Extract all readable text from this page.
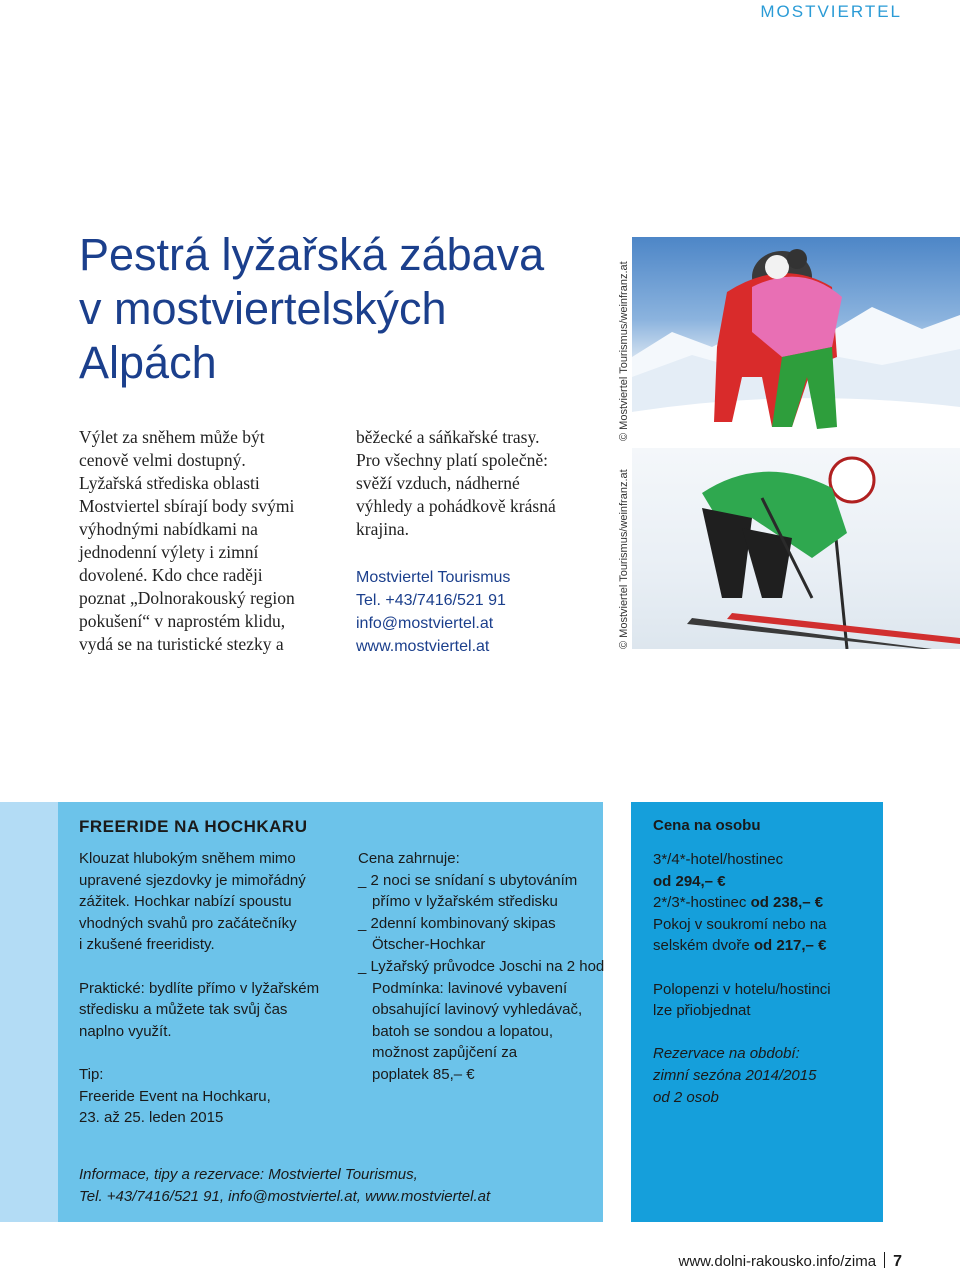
MOSTVIERTEL
Pestrá lyžařská zábava
v mostviertelských
Alpách
Výlet za sněhem může být
cenově velmi dostupný.
Lyžařská střediska oblasti
Mostviertel sbírají body svými
výhodnými nabídkami na
jednodenní výlety i zimní
dovolené. Kdo chce raději
poznat „Dolnorakouský region
pokušení“ v naprostém klidu,
vydá se na turistické stezky a
běžecké a sáňkařské trasy.
Pro všechny platí společně:
svěží vzduch, nádherné
výhledy a pohádkově krásná
krajina.
Mostviertel Tourismus
Tel. +43/7416/521 91
info@mostviertel.at
www.mostviertel.at
© Mostviertel Tourismus/weinfranz.at
© Mostviertel Tourismus/weinfranz.at
FREERIDE NA HOCHKARU
Klouzat hlubokým sněhem mimo
upravené sjezdovky je mimořádný
zážitek. Hochkar nabízí spoustu
vhodných svahů pro začátečníky
i zkušené freeridisty.
Praktické: bydlíte přímo v lyžařském
středisku a můžete tak svůj čas
naplno využít.
Tip:
Freeride Event na Hochkaru,
23. až 25. leden 2015
Cena zahrnuje:
_ 2 noci se snídaní s ubytováním
přímo v lyžařském středisku
_ 2denní kombinovaný skipas
Ötscher-Hochkar
_ Lyžařský průvodce Joschi na 2 hod
Podmínka: lavinové vybavení
obsahující lavinový vyhledávač,
batoh se sondou a lopatou,
možnost zapůjčení za
poplatek 85,– €
Cena na osobu
3*/4*-hotel/hostinec
od 294,– €
2*/3*-hostinec od 238,– €
Pokoj v soukromí nebo na
selském dvoře od 217,– €
Polopenzi v hotelu/hostinci
lze přiobjednat
Rezervace na období:
zimní sezóna 2014/2015
od 2 osob
Informace, tipy a rezervace: Mostviertel Tourismus,
Tel. +43/7416/521 91, info@mostviertel.at, www.mostviertel.at
www.dolni-rakousko.info/zima 7
